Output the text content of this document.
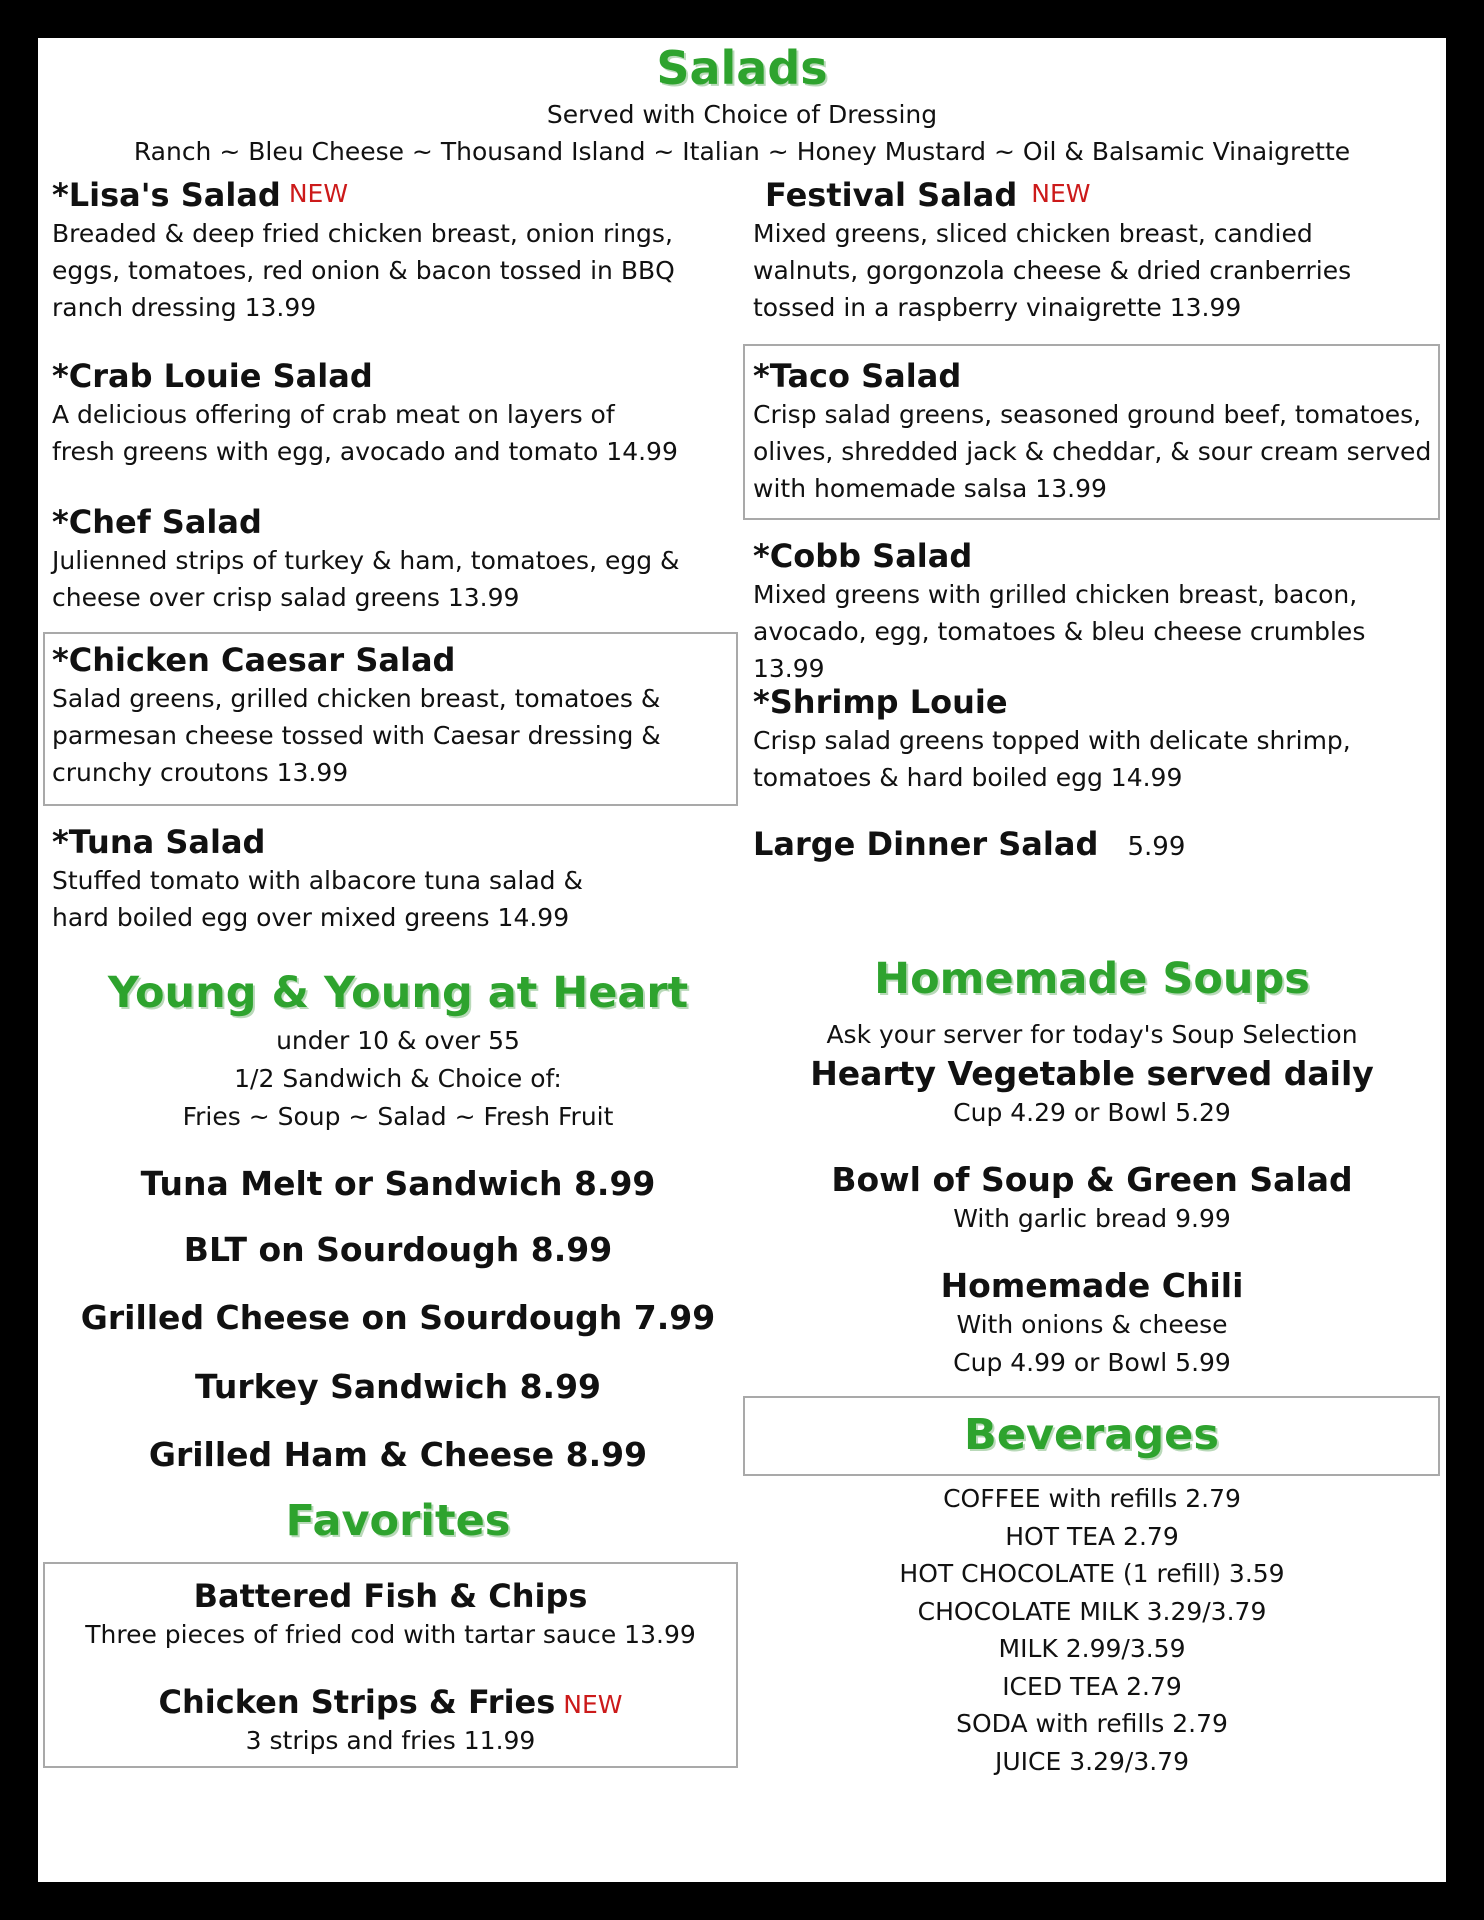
Salads
Served with Choice of Dressing
Ranch ~ Bleu Cheese ~ Thousand Island ~ Italian ~ Honey Mustard ~ Oil & Balsamic Vinaigrette
*Lisa's Salad NEW
Breaded & deep fried chicken breast, onion rings,
eggs, tomatoes, red onion & bacon tossed in BBQ
ranch dressing 13.99
*Crab Louie Salad
A delicious offering of crab meat on layers of
fresh greens with egg, avocado and tomato 14.99
*Chef Salad
Julienned strips of turkey & ham, tomatoes, egg &
cheese over crisp salad greens 13.99
*Chicken Caesar Salad
Salad greens, grilled chicken breast, tomatoes &
parmesan cheese tossed with Caesar dressing &
crunchy croutons 13.99
*Tuna Salad
Stuffed tomato with albacore tuna salad &
hard boiled egg over mixed greens 14.99
Festival Salad NEW
Mixed greens, sliced chicken breast, candied
walnuts, gorgonzola cheese & dried cranberries
tossed in a raspberry vinaigrette 13.99
*Taco Salad
Crisp salad greens, seasoned ground beef, tomatoes,
olives, shredded jack & cheddar, & sour cream served
with homemade salsa 13.99
*Cobb Salad
Mixed greens with grilled chicken breast, bacon,
avocado, egg, tomatoes & bleu cheese crumbles 13.99
*Shrimp Louie
Crisp salad greens topped with delicate shrimp,
tomatoes & hard boiled egg 14.99
Large Dinner Salad 5.99
Young & Young at Heart
under 10 & over 55
1/2 Sandwich & Choice of:
Fries ~ Soup ~ Salad ~ Fresh Fruit
Tuna Melt or Sandwich 8.99
BLT on Sourdough 8.99
Grilled Cheese on Sourdough 7.99
Turkey Sandwich 8.99
Grilled Ham & Cheese 8.99
Favorites
Battered Fish & Chips
Three pieces of fried cod with tartar sauce 13.99
Chicken Strips & Fries NEW
3 strips and fries 11.99
Homemade Soups
Ask your server for today's Soup Selection
Hearty Vegetable served daily
Cup 4.29 or Bowl 5.29
Bowl of Soup & Green Salad
With garlic bread 9.99
Homemade Chili
With onions & cheese
Cup 4.99 or Bowl 5.99
Beverages
COFFEE with refills 2.79
HOT TEA 2.79
HOT CHOCOLATE (1 refill) 3.59
CHOCOLATE MILK 3.29/3.79
MILK 2.99/3.59
ICED TEA 2.79
SODA with refills 2.79
JUICE 3.29/3.79
